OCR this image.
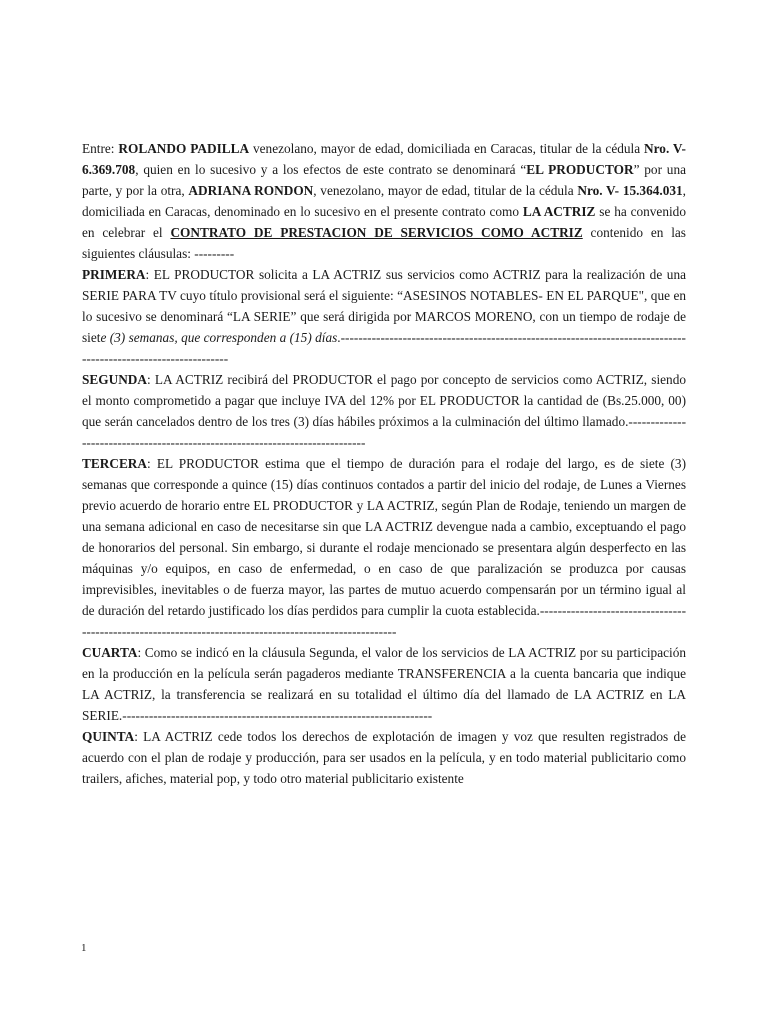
Entre: ROLANDO PADILLA venezolano, mayor de edad, domiciliada en Caracas, titular de la cédula Nro. V- 6.369.708, quien en lo sucesivo y a los efectos de este contrato se denominará “EL PRODUCTOR” por una parte, y por la otra, ADRIANA RONDON, venezolano, mayor de edad, titular de la cédula Nro. V- 15.364.031, domiciliada en Caracas, denominado en lo sucesivo en el presente contrato como LA ACTRIZ se ha convenido en celebrar el CONTRATO DE PRESTACION DE SERVICIOS COMO ACTRIZ contenido en las siguientes cláusulas: ---------

PRIMERA: EL PRODUCTOR solicita a LA ACTRIZ sus servicios como ACTRIZ para la realización de una SERIE PARA TV cuyo título provisional será el siguiente: “ASESINOS NOTABLES- EN EL PARQUE", que en lo sucesivo se denominará “LA SERIE” que será dirigida por MARCOS MORENO, con un tiempo de rodaje de siete (3) semanas, que corresponden a (15) días.---------------------------------------------------------------------------------------------------------------

SEGUNDA: LA ACTRIZ recibirá del PRODUCTOR el pago por concepto de servicios como ACTRIZ, siendo el monto comprometido a pagar que incluye IVA del 12% por EL PRODUCTOR la cantidad de (Bs.25.000, 00) que serán cancelados dentro de los tres (3) días hábiles próximos a la culminación del último llamado.-----------------------------------------------------------------------------

TERCERA: EL PRODUCTOR estima que el tiempo de duración para el rodaje del largo, es de siete (3) semanas que corresponde a quince (15) días continuos contados a partir del inicio del rodaje, de Lunes a Viernes previo acuerdo de horario entre EL PRODUCTOR y LA ACTRIZ, según Plan de Rodaje, teniendo un margen de una semana adicional en caso de necesitarse sin que LA ACTRIZ devengue nada a cambio, exceptuando el pago de honorarios del personal. Sin embargo, si durante el rodaje mencionado se presentara algún desperfecto en las máquinas y/o equipos, en caso de enfermedad, o en caso de que paralización se produzca por causas imprevisibles, inevitables o de fuerza mayor, las partes de mutuo acuerdo compensarán por un término igual al de duración del retardo justificado los días perdidos para cumplir la cuota establecida.--------------------------------------------------------------------------------------------------------

CUARTA: Como se indicó en la cláusula Segunda, el valor de los servicios de LA ACTRIZ por su participación en la producción en la película serán pagaderos mediante TRANSFERENCIA a la cuenta bancaria que indique LA ACTRIZ, la transferencia se realizará en su totalidad el último día del llamado de LA ACTRIZ en LA SERIE.----------------------------------------------------------------------

QUINTA: LA ACTRIZ cede todos los derechos de explotación de imagen y voz que resulten registrados de acuerdo con el plan de rodaje y producción, para ser usados en la película, y en todo material publicitario como trailers, afiches, material pop, y todo otro material publicitario existente

1
